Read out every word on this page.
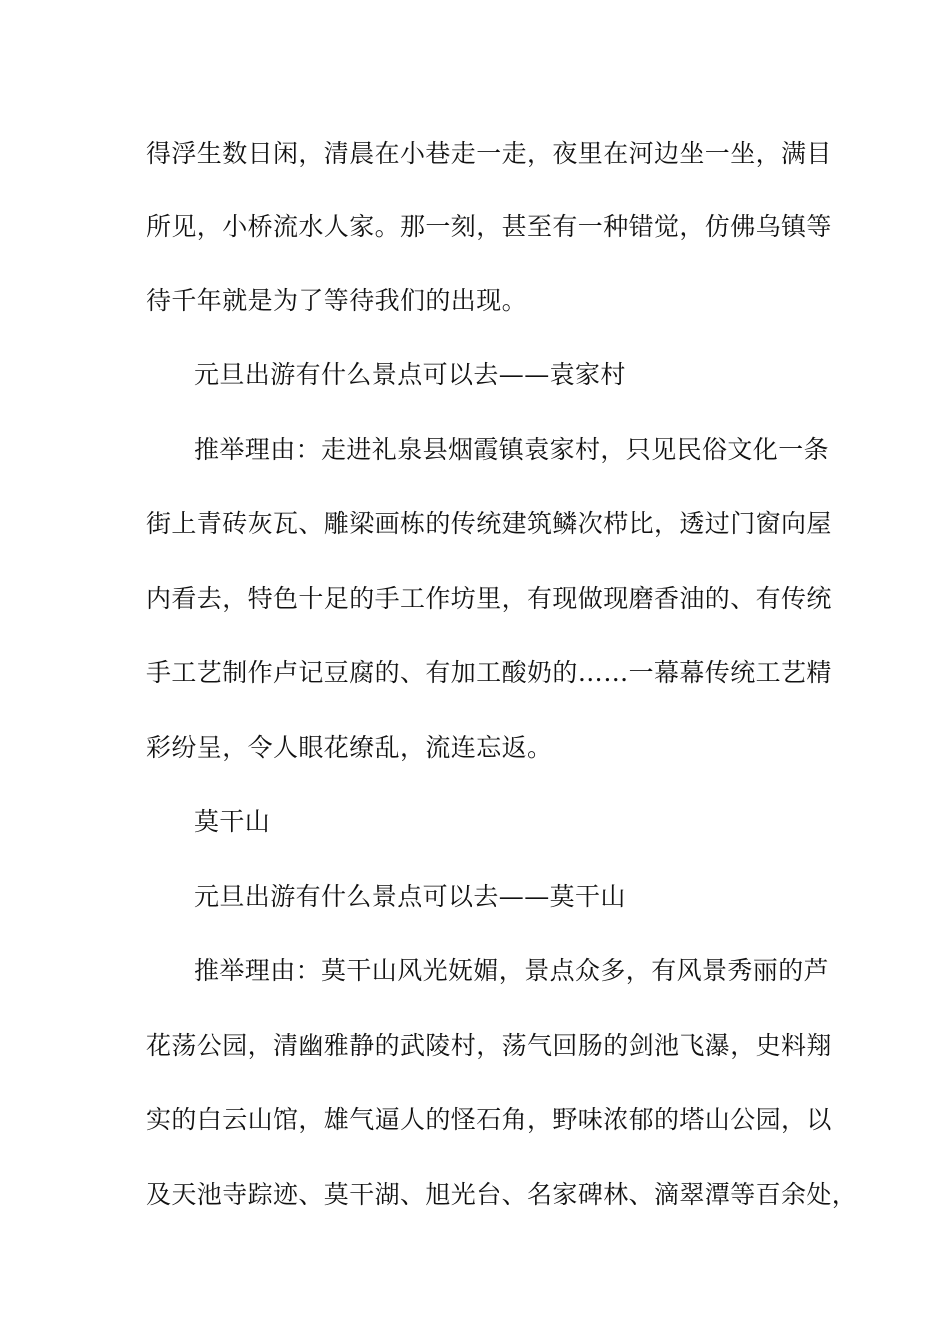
得浮生数日闲，清晨在小巷走一走，夜里在河边坐一坐，满目

所见，小桥流水人家。那一刻，甚至有一种错觉，仿佛乌镇等

待千年就是为了等待我们的出现。

元旦出游有什么景点可以去——袁家村

推举理由：走进礼泉县烟霞镇袁家村，只见民俗文化一条

街上青砖灰瓦、雕梁画栋的传统建筑鳞次栉比，透过门窗向屋

内看去，特色十足的手工作坊里，有现做现磨香油的、有传统

手工艺制作卢记豆腐的、有加工酸奶的……一幕幕传统工艺精

彩纷呈，令人眼花缭乱，流连忘返。

莫干山

元旦出游有什么景点可以去——莫干山

推举理由：莫干山风光妩媚，景点众多，有风景秀丽的芦

花荡公园，清幽雅静的武陵村，荡气回肠的剑池飞瀑，史料翔

实的白云山馆，雄气逼人的怪石角，野味浓郁的塔山公园，以

及天池寺踪迹、莫干湖、旭光台、名家碑林、滴翠潭等百余处，
